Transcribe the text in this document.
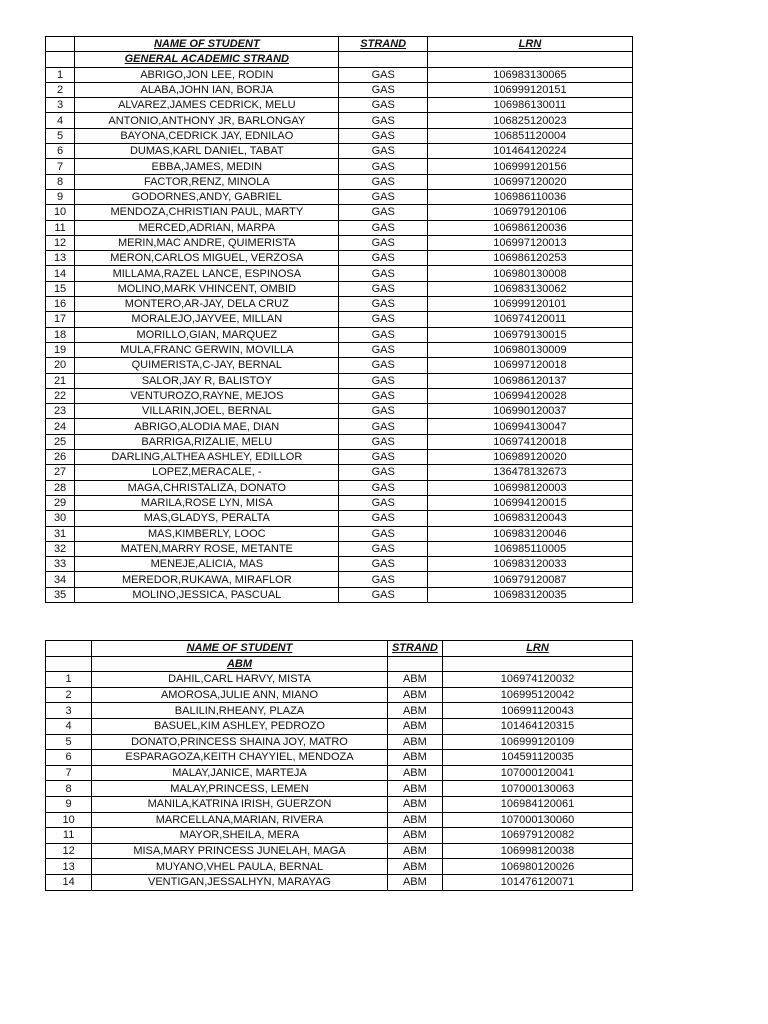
	NAME OF STUDENT	STRAND	LRN
	GENERAL ACADEMIC STRAND		
1	ABRIGO,JON LEE, RODIN	GAS	106983130065
2	ALABA,JOHN IAN, BORJA	GAS	106999120151
3	ALVAREZ,JAMES CEDRICK, MELU	GAS	106986130011
4	ANTONIO,ANTHONY JR, BARLONGAY	GAS	106825120023
5	BAYONA,CEDRICK JAY, EDNILAO	GAS	106851120004
6	DUMAS,KARL DANIEL, TABAT	GAS	101464120224
7	EBBA,JAMES, MEDIN	GAS	106999120156
8	FACTOR,RENZ, MINOLA	GAS	106997120020
9	GODORNES,ANDY, GABRIEL	GAS	106986110036
10	MENDOZA,CHRISTIAN PAUL, MARTY	GAS	106979120106
11	MERCED,ADRIAN, MARPA	GAS	106986120036
12	MERIN,MAC ANDRE, QUIMERISTA	GAS	106997120013
13	MERON,CARLOS MIGUEL, VERZOSA	GAS	106986120253
14	MILLAMA,RAZEL LANCE, ESPINOSA	GAS	106980130008
15	MOLINO,MARK VHINCENT, OMBID	GAS	106983130062
16	MONTERO,AR-JAY, DELA CRUZ	GAS	106999120101
17	MORALEJO,JAYVEE, MILLAN	GAS	106974120011
18	MORILLO,GIAN, MARQUEZ	GAS	106979130015
19	MULA,FRANC GERWIN, MOVILLA	GAS	106980130009
20	QUIMERISTA,C-JAY, BERNAL	GAS	106997120018
21	SALOR,JAY R, BALISTOY	GAS	106986120137
22	VENTUROZO,RAYNE, MEJOS	GAS	106994120028
23	VILLARIN,JOEL, BERNAL	GAS	106990120037
24	ABRIGO,ALODIA MAE, DIAN	GAS	106994130047
25	BARRIGA,RIZALIE, MELU	GAS	106974120018
26	DARLING,ALTHEA ASHLEY, EDILLOR	GAS	106989120020
27	LOPEZ,MERACALE, -	GAS	136478132673
28	MAGA,CHRISTALIZA, DONATO	GAS	106998120003
29	MARILA,ROSE LYN, MISA	GAS	106994120015
30	MAS,GLADYS, PERALTA	GAS	106983120043
31	MAS,KIMBERLY, LOOC	GAS	106983120046
32	MATEN,MARRY ROSE, METANTE	GAS	106985110005
33	MENEJE,ALICIA, MAS	GAS	106983120033
34	MEREDOR,RUKAWA, MIRAFLOR	GAS	106979120087
35	MOLINO,JESSICA, PASCUAL	GAS	106983120035
	NAME OF STUDENT	STRAND	LRN
	ABM		
1	DAHIL,CARL HARVY, MISTA	ABM	106974120032
2	AMOROSA,JULIE ANN, MIANO	ABM	106995120042
3	BALILIN,RHEANY, PLAZA	ABM	106991120043
4	BASUEL,KIM ASHLEY, PEDROZO	ABM	101464120315
5	DONATO,PRINCESS SHAINA JOY, MATRO	ABM	106999120109
6	ESPARAGOZA,KEITH CHAYYIEL, MENDOZA	ABM	104591120035
7	MALAY,JANICE, MARTEJA	ABM	107000120041
8	MALAY,PRINCESS, LEMEN	ABM	107000130063
9	MANILA,KATRINA IRISH, GUERZON	ABM	106984120061
10	MARCELLANA,MARIAN, RIVERA	ABM	107000130060
11	MAYOR,SHEILA, MERA	ABM	106979120082
12	MISA,MARY PRINCESS JUNELAH, MAGA	ABM	106998120038
13	MUYANO,VHEL PAULA, BERNAL	ABM	106980120026
14	VENTIGAN,JESSALHYN, MARAYAG	ABM	101476120071
